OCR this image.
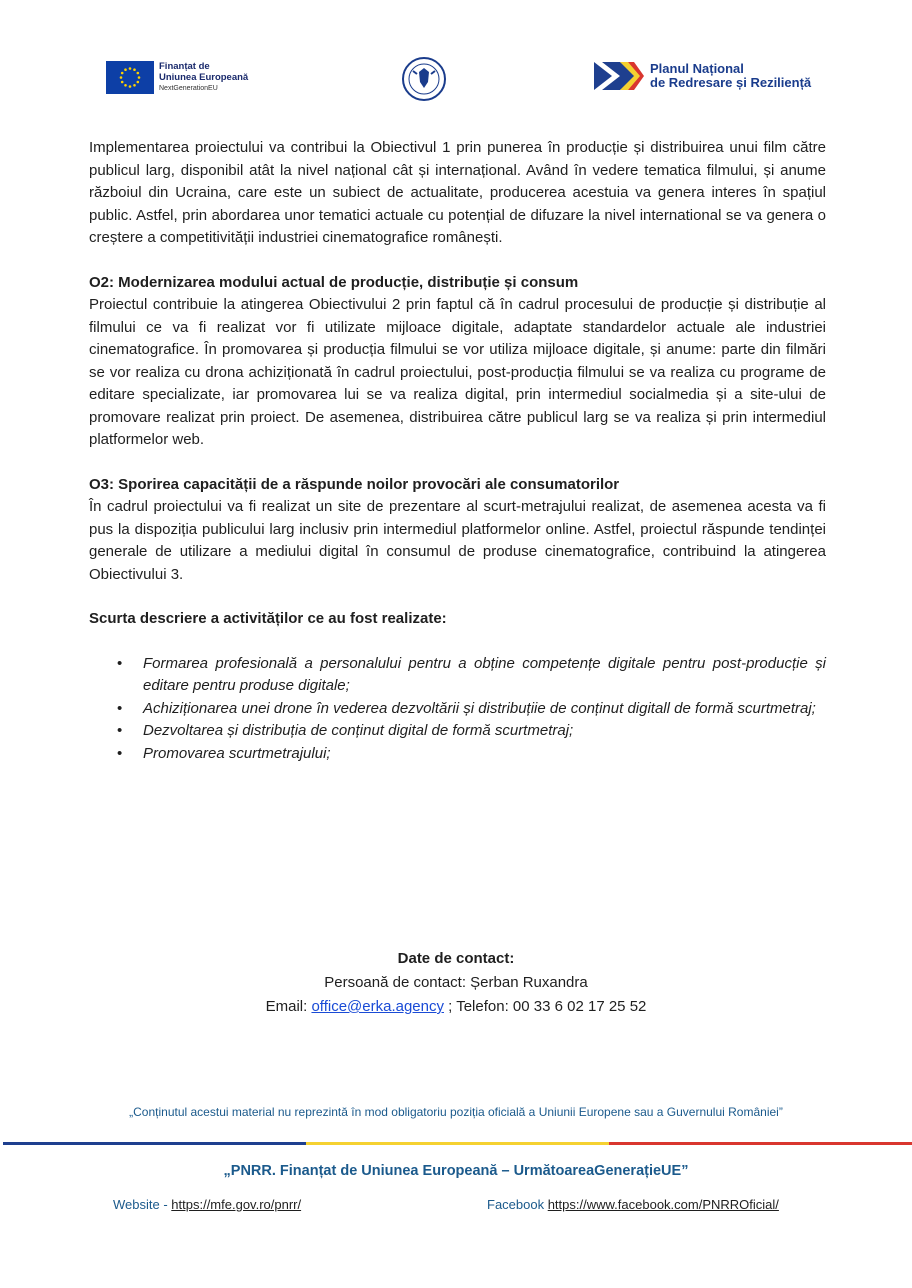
Finanțat de
Uniunea Europeană
NextGenerationEU
Planul Național
de Redresare și Reziliență

Implementarea proiectului va contribui la Obiectivul 1 prin punerea în producție și distribuirea unui film către publicul larg, disponibil atât la nivel național cât și internațional. Având în vedere tematica filmului, și anume războiul din Ucraina, care este un subiect de actualitate, producerea acestuia va genera interes în spațiul public. Astfel, prin abordarea unor tematici actuale cu potențial de difuzare la nivel international se va genera o creștere a competitivității industriei cinematografice românești.

O2: Modernizarea modului actual de producție, distribuție și consum

Proiectul contribuie la atingerea Obiectivului 2 prin faptul că în cadrul procesului de producție și distribuție al filmului ce va fi realizat vor fi utilizate mijloace digitale, adaptate standardelor actuale ale industriei cinematografice. În promovarea și producția filmului se vor utiliza mijloace digitale, și anume: parte din filmări se vor realiza cu drona achiziționată în cadrul proiectului, post-producția filmului se va realiza cu programe de editare specializate, iar promovarea lui se va realiza digital, prin intermediul socialmedia și a site-ului de promovare realizat prin proiect. De asemenea, distribuirea către publicul larg se va realiza și prin intermediul platformelor web.

O3: Sporirea capacității de a răspunde noilor provocări ale consumatorilor

În cadrul proiectului va fi realizat un site de prezentare al scurt-metrajului realizat, de asemenea acesta va fi pus la dispoziția publicului larg inclusiv prin intermediul platformelor online. Astfel, proiectul răspunde tendinței generale de utilizare a mediului digital în consumul de produse cinematografice, contribuind la atingerea Obiectivului 3.

Scurta descriere a activităților ce au fost realizate:

• Formarea profesională a personalului pentru a obține competențe digitale pentru post-producție și editare pentru produse digitale;
• Achiziționarea unei drone în vederea dezvoltării și distribuțiie de conținut digitall de formă scurtmetraj;
• Dezvoltarea și distribuția de conținut digital de formă scurtmetraj;
• Promovarea scurtmetrajului;
Date de contact:
Persoană de contact: Șerban Ruxandra
Email: office@erka.agency ; Telefon: 00 33 6 02 17 25 52
„Conținutul acestui material nu reprezintă în mod obligatoriu poziția oficială a Uniunii Europene sau a Guvernului României”
„PNRR. Finanțat de Uniunea Europeană – UrmătoareaGenerațieUE”
Website - https://mfe.gov.ro/pnrr/	Facebook https://www.facebook.com/PNRROficial/
